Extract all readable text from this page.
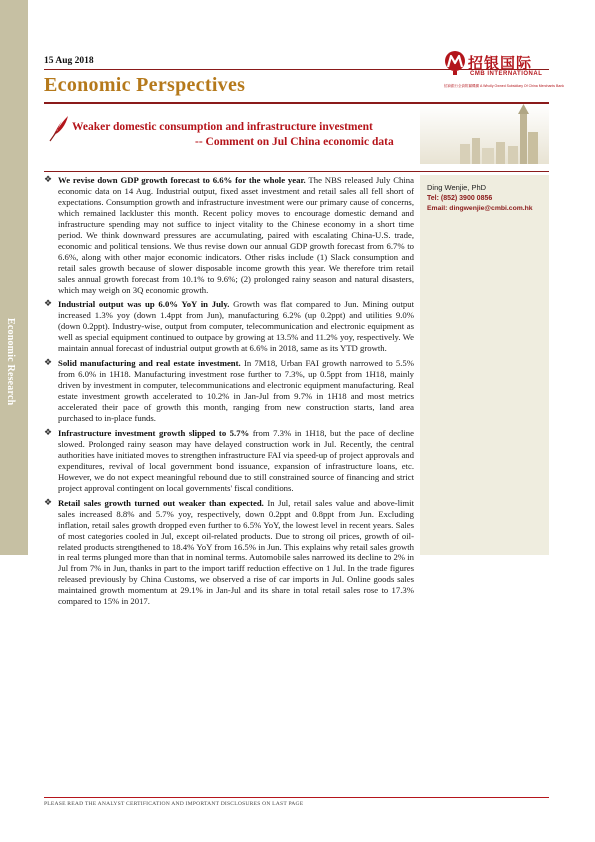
Economic Research
15 Aug 2018
Economic Perspectives
招银国际
CMB INTERNATIONAL
招商銀行全資附屬機構 A Wholly Owned Subsidiary Of China Merchants Bank
Weaker domestic consumption and infrastructure investment
-- Comment on Jul China economic data
Ding Wenjie, PhD
Tel: (852) 3900 0856
Email: dingwenjie@cmbi.com.hk

❖ We revise down GDP growth forecast to 6.6% for the whole year. The NBS released July China economic data on 14 Aug. Industrial output, fixed asset investment and retail sales all fell short of expectations. Consumption growth and infrastructure investment were our primary cause of concerns, which remained lackluster this month. Recent policy moves to encourage domestic demand and infrastructure spending may not suffice to inject vitality to the Chinese economy in a short time period. We think downward pressures are accumulating, paired with escalating China-U.S. trade, economic and political tensions. We thus revise down our annual GDP growth forecast from 6.7% to 6.6%, along with other major economic indicators. Other risks include (1) Slack consumption and retail sales growth because of slower disposable income growth this year. We therefore trim retail sales annual growth forecast from 10.1% to 9.6%; (2) prolonged rainy season and natural disasters, which may weigh on 3Q economic growth.

❖ Industrial output was up 6.0% YoY in July. Growth was flat compared to Jun. Mining output increased 1.3% yoy (down 1.4ppt from Jun), manufacturing 6.2% (up 0.2ppt) and utilities 9.0% (down 0.2ppt). Industry-wise, output from computer, telecommunication and electronic equipment as well as special equipment continued to outpace by growing at 13.5% and 11.2% yoy, respectively. We maintain annual forecast of industrial output growth at 6.6% in 2018, same as its YTD growth.

❖ Solid manufacturing and real estate investment. In 7M18, Urban FAI growth narrowed to 5.5% from 6.0% in 1H18. Manufacturing investment rose further to 7.3%, up 0.5ppt from 1H18, mainly driven by investment in computer, telecommunications and electronic equipment manufacturing. Real estate investment growth accelerated to 10.2% in Jan-Jul from 9.7% in 1H18 and most metrics accelerated their pace of growth this month, ranging from new construction starts, land area purchased to in-place funds.

❖ Infrastructure investment growth slipped to 5.7% from 7.3% in 1H18, but the pace of decline slowed. Prolonged rainy season may have delayed construction work in Jul. Recently, the central authorities have initiated moves to strengthen infrastructure FAI via speed-up of project approvals and expenditures, revival of local government bond issuance, expansion of infrastructure loans, etc. However, we do not expect meaningful rebound due to still constrained source of financing and strict project approval contingent on local governments' fiscal conditions.

❖ Retail sales growth turned out weaker than expected. In Jul, retail sales value and above-limit sales increased 8.8% and 5.7% yoy, respectively, down 0.2ppt and 0.8ppt from Jun. Excluding inflation, retail sales growth dropped even further to 6.5% YoY, the lowest level in recent years. Sales of most categories cooled in Jul, except oil-related products. Due to strong oil prices, growth of oil-related products strengthened to 18.4% YoY from 16.5% in Jun. This explains why retail sales growth in real terms plunged more than that in nominal terms. Automobile sales narrowed its decline to 2% in Jul from 7% in Jun, thanks in part to the import tariff reduction effective on 1 Jul. In the trade figures released previously by China Customs, we observed a rise of car imports in Jul. Online goods sales maintained growth momentum at 29.1% in Jan-Jul and its share in total retail sales rose to 17.3% compared to 15% in 2017.

PLEASE READ THE ANALYST CERTIFICATION AND IMPORTANT DISCLOSURES ON LAST PAGE
